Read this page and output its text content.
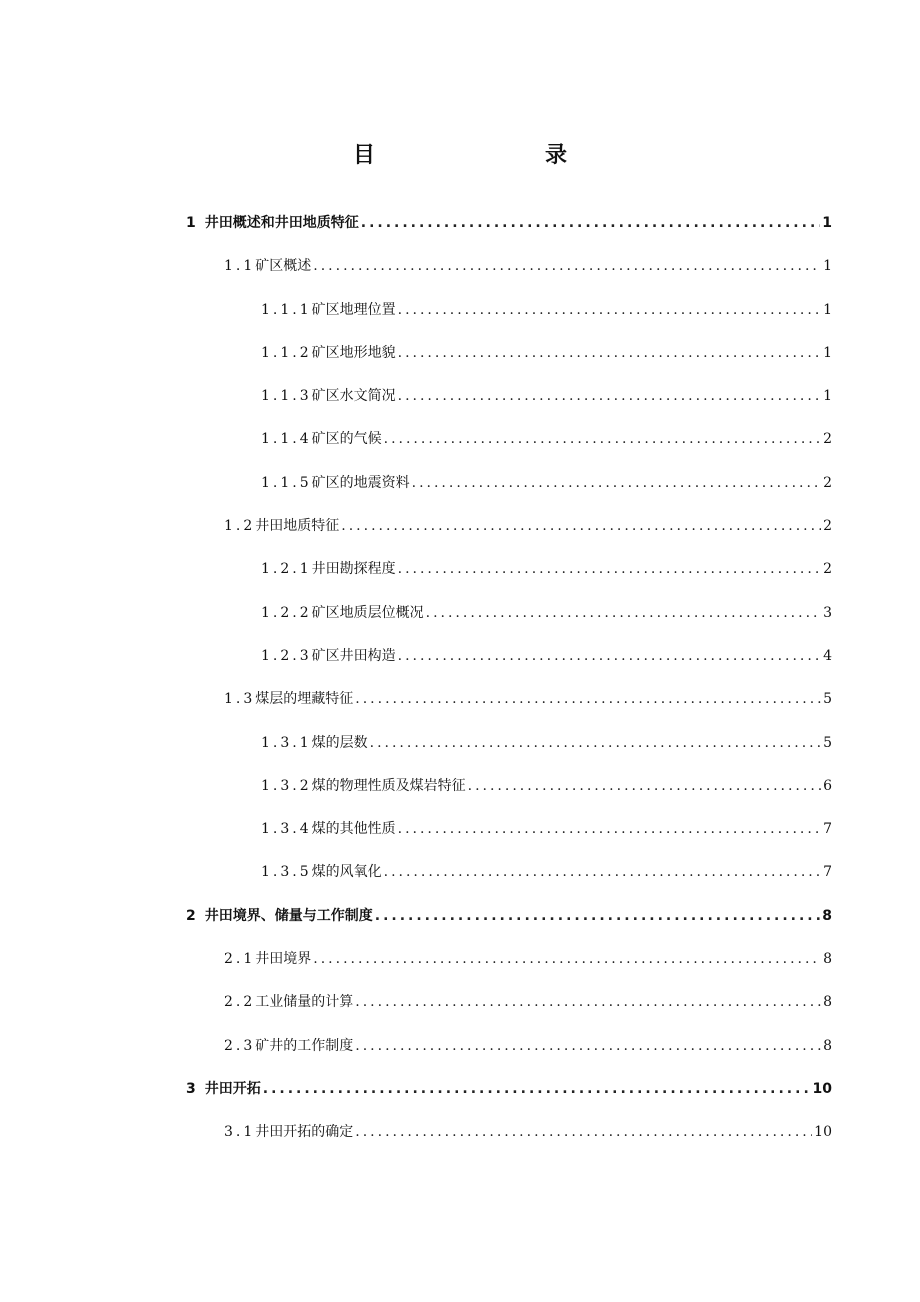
目　　录
1 井田概述和井田地质特征 .....	1
1.1 矿区概述 .....	1
1.1.1 矿区地理位置 .....	1
1.1.2 矿区地形地貌 .....	1
1.1.3 矿区水文简况 .....	1
1.1.4 矿区的气候 .....	2
1.1.5 矿区的地震资料 .....	2
1.2 井田地质特征 .....	2
1.2.1 井田勘探程度 .....	2
1.2.2 矿区地质层位概况 .....	3
1.2.3 矿区井田构造 .....	4
1.3 煤层的埋藏特征 .....	5
1.3.1 煤的层数 .....	5
1.3.2 煤的物理性质及煤岩特征 .....	6
1.3.4 煤的其他性质 .....	7
1.3.5 煤的风氧化 .....	7
2 井田境界、储量与工作制度 .....	8
2.1 井田境界 .....	8
2.2 工业储量的计算 .....	8
2.3 矿井的工作制度 .....	8
3 井田开拓 .....	10
3.1 井田开拓的确定 .....	10
